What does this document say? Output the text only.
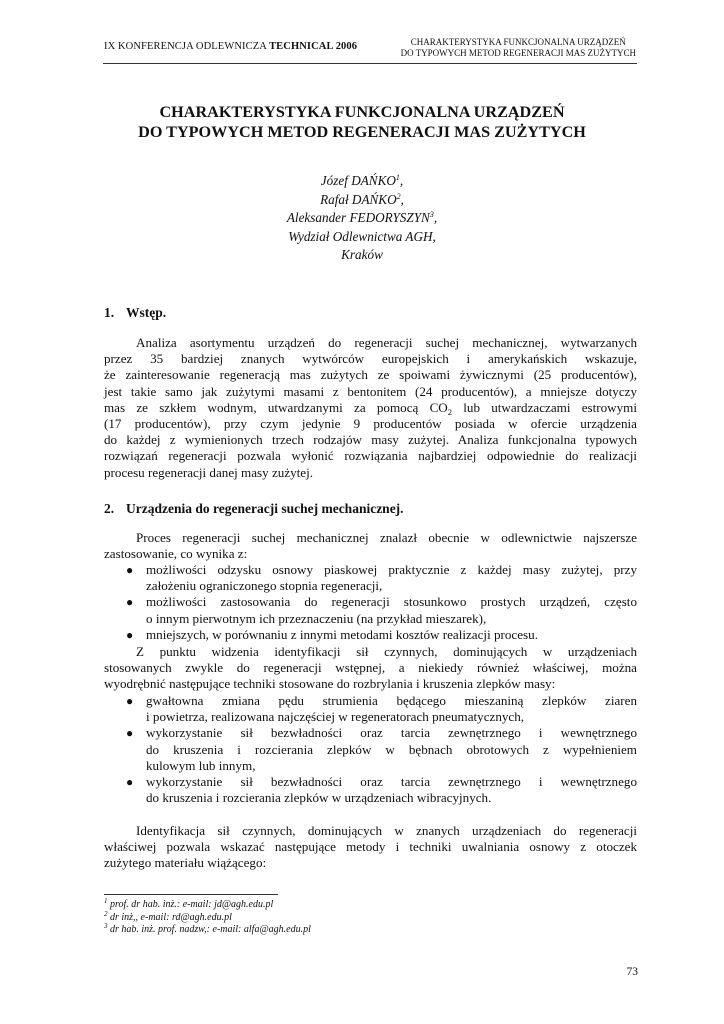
IX KONFERENCJA ODLEWNICZA TECHNICAL 2006	CHARAKTERYSTYKA FUNKCJONALNA URZĄDZEŃ
DO TYPOWYCH METOD REGENERACJI MAS ZUŻYTYCH
CHARAKTERYSTYKA FUNKCJONALNA URZĄDZEŃ
DO TYPOWYCH METOD REGENERACJI MAS ZUŻYTYCH
Józef DAŃKO$^1$,
Rafał DAŃKO$^2$,
Aleksander FEDORYSZYN$^3$,
Wydział Odlewnictwa AGH,
Kraków
1. Wstęp.
Analiza asortymentu urządzeń do regeneracji suchej mechanicznej, wytwarzanych
przez 35 bardziej znanych wytwórców europejskich i amerykańskich wskazuje,
że zainteresowanie regeneracją mas zużytych ze spoiwami żywicznymi (25 producentów),
jest takie samo jak zużytymi masami z bentonitem (24 producentów), a mniejsze dotyczy
mas ze szkłem wodnym, utwardzanymi za pomocą $CO_2$ lub utwardzaczami estrowymi
(17 producentów), przy czym jedynie 9 producentów posiada w ofercie urządzenia
do każdej z wymienionych trzech rodzajów masy zużytej. Analiza funkcjonalna typowych
rozwiązań regeneracji pozwala wyłonić rozwiązania najbardziej odpowiednie do realizacji
procesu regeneracji danej masy zużytej.
2. Urządzenia do regeneracji suchej mechanicznej.
Proces regeneracji suchej mechanicznej znalazł obecnie w odlewnictwie najszersze
zastosowanie, co wynika z:
● możliwości odzysku osnowy piaskowej praktycznie z każdej masy zużytej, przy
założeniu ograniczonego stopnia regeneracji,
● możliwości zastosowania do regeneracji stosunkowo prostych urządzeń, często
o innym pierwotnym ich przeznaczeniu (na przykład mieszarek),
● mniejszych, w porównaniu z innymi metodami kosztów realizacji procesu.
Z punktu widzenia identyfikacji sił czynnych, dominujących w urządzeniach
stosowanych zwykle do regeneracji wstępnej, a niekiedy również właściwej, można
wyodrębnić następujące techniki stosowane do rozbrylania i kruszenia zlepków masy:
● gwałtowna zmiana pędu strumienia będącego mieszaniną zlepków ziaren
i powietrza, realizowana najczęściej w regeneratorach pneumatycznych,
● wykorzystanie sił bezwładności oraz tarcia zewnętrznego i wewnętrznego
do kruszenia i rozcierania zlepków w bębnach obrotowych z wypełnieniem
kulowym lub innym,
● wykorzystanie sił bezwładności oraz tarcia zewnętrznego i wewnętrznego
do kruszenia i rozcierania zlepków w urządzeniach wibracyjnych.
Identyfikacja sił czynnych, dominujących w znanych urządzeniach do regeneracji
właściwej pozwala wskazać następujące metody i techniki uwalniania osnowy z otoczek
zużytego materiału wiążącego:
$^1$ prof. dr hab. inż.: e-mail: jd@agh.edu.pl
$^2$ dr inż,, e-mail: rd@agh.edu.pl
$^3$ dr hab. inż. prof. nadzw,: e-mail: alfa@agh.edu.pl
73
